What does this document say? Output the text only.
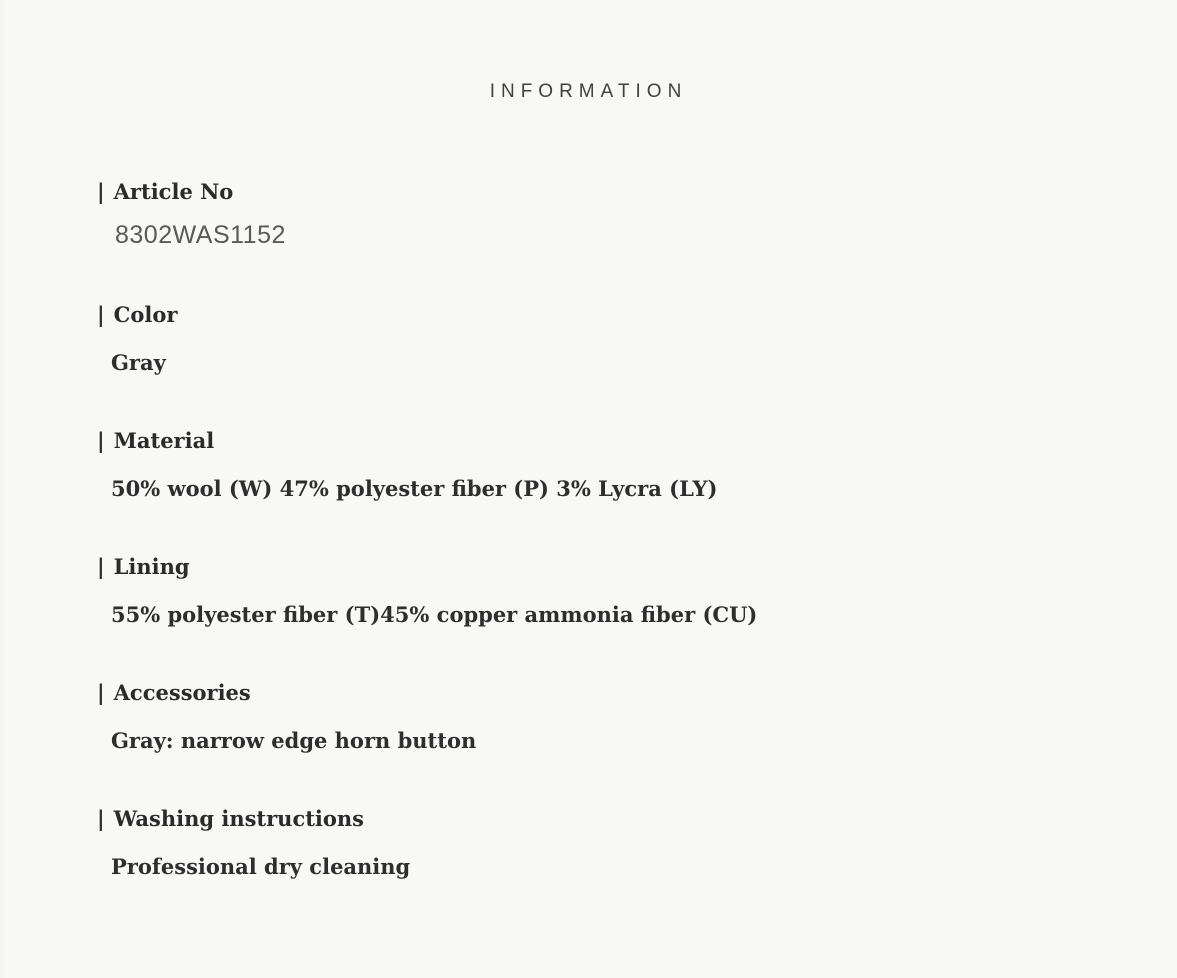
INFORMATION
| Article No
8302WAS1152
| Color
Gray
| Material
50% wool (W) 47% polyester fiber (P) 3% Lycra (LY)
| Lining
55% polyester fiber (T)45% copper ammonia fiber (CU)
| Accessories
Gray: narrow edge horn button
| Washing instructions
Professional dry cleaning
